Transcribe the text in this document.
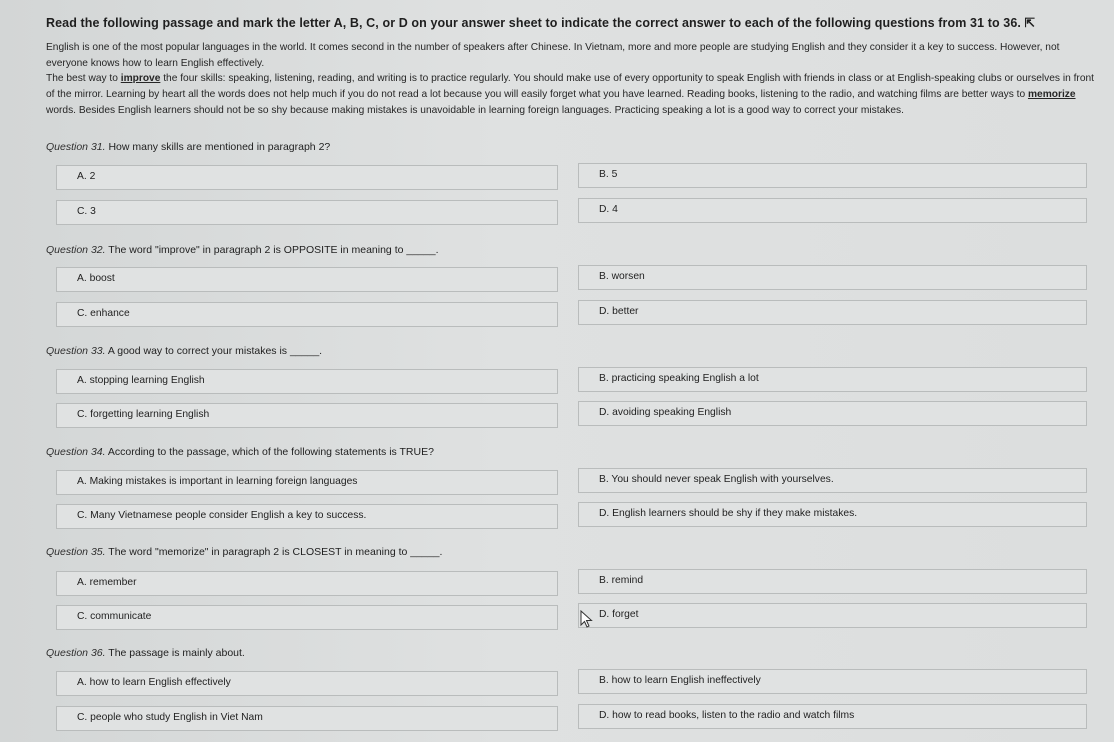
Read the following passage and mark the letter A, B, C, or D on your answer sheet to indicate the correct answer to each of the following questions from 31 to 36. ⇱
English is one of the most popular languages in the world. It comes second in the number of speakers after Chinese. In Vietnam, more and more people are studying English and they consider it a key to success. However, not everyone knows how to learn English effectively.
The best way to improve the four skills: speaking, listening, reading, and writing is to practice regularly. You should make use of every opportunity to speak English with friends in class or at English-speaking clubs or ourselves in front of the mirror. Learning by heart all the words does not help much if you do not read a lot because you will easily forget what you have learned. Reading books, listening to the radio, and watching films are better ways to memorize words. Besides English learners should not be so shy because making mistakes is unavoidable in learning foreign languages. Practicing speaking a lot is a good way to correct your mistakes.
Question 31. How many skills are mentioned in paragraph 2?
A. 2	B. 5
C. 3	D. 4
Question 32. The word "improve" in paragraph 2 is OPPOSITE in meaning to _____.
A. boost	B. worsen
C. enhance	D. better
Question 33. A good way to correct your mistakes is _____.
A. stopping learning English	B. practicing speaking English a lot
C. forgetting learning English	D. avoiding speaking English
Question 34. According to the passage, which of the following statements is TRUE?
A. Making mistakes is important in learning foreign languages	B. You should never speak English with yourselves.
C. Many Vietnamese people consider English a key to success.	D. English learners should be shy if they make mistakes.
Question 35. The word "memorize" in paragraph 2 is CLOSEST in meaning to _____.
A. remember	B. remind
C. communicate	D. forget
Question 36. The passage is mainly about.
A. how to learn English effectively	B. how to learn English ineffectively
C. people who study English in Viet Nam	D. how to read books, listen to the radio and watch films
